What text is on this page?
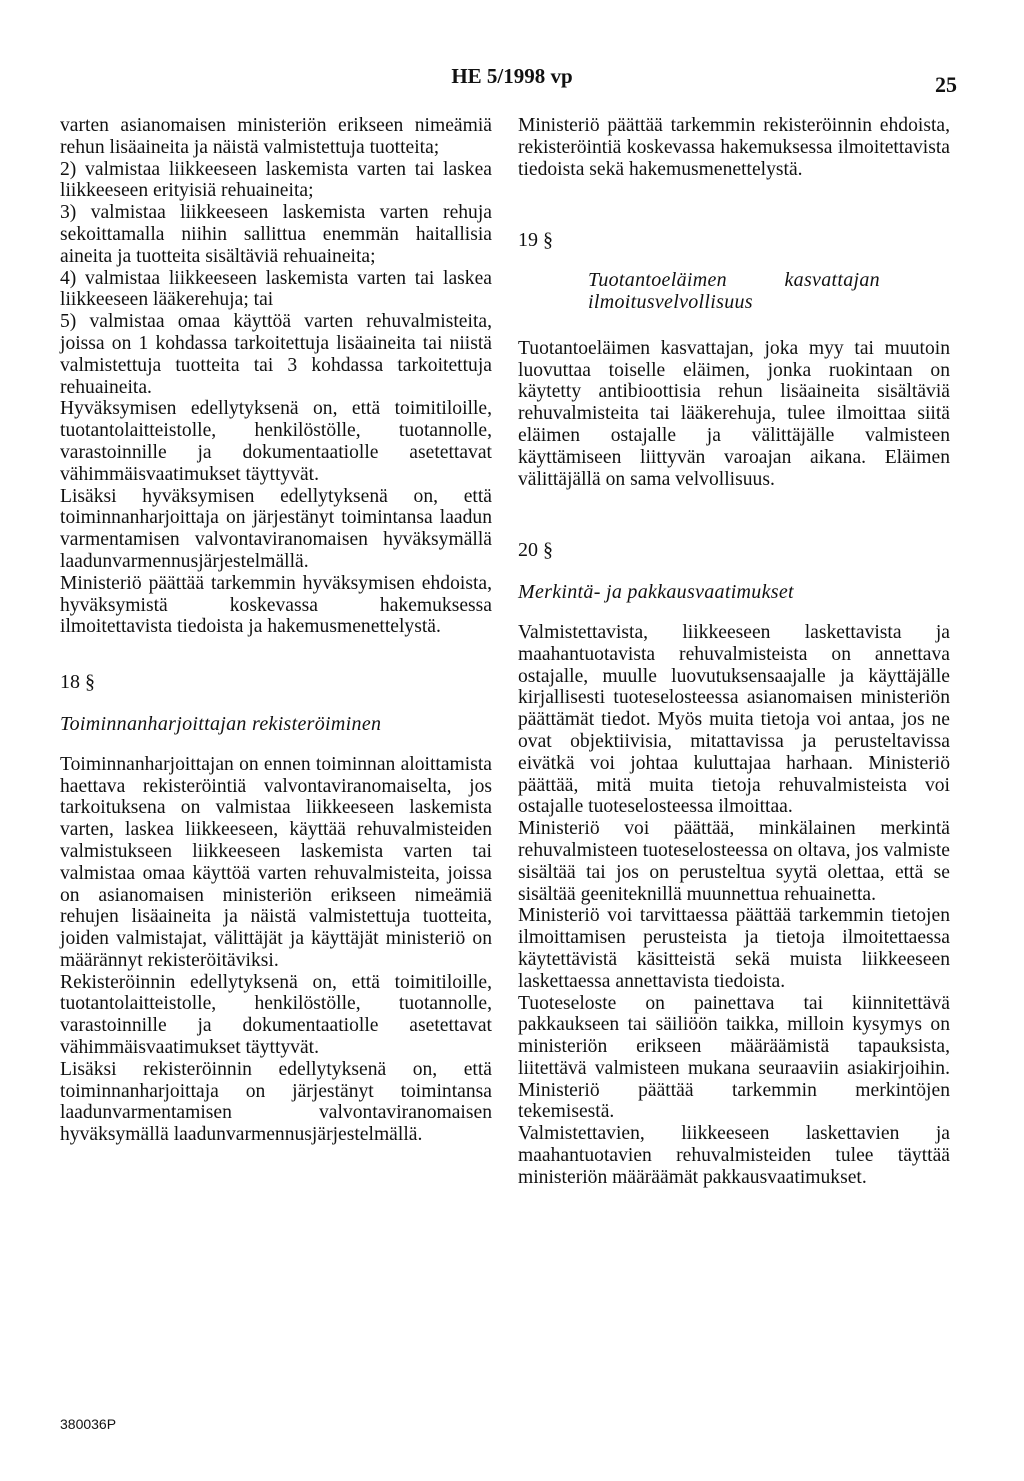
HE 5/1998 vp	25

varten asianomaisen ministeriön erikseen nimeämiä rehun lisäaineita ja näistä valmistettuja tuotteita;

2) valmistaa liikkeeseen laskemista varten tai laskea liikkeeseen erityisiä rehuaineita;

3) valmistaa liikkeeseen laskemista varten rehuja sekoittamalla niihin sallittua enemmän haitallisia aineita ja tuotteita sisältäviä rehuaineita;

4) valmistaa liikkeeseen laskemista varten tai laskea liikkeeseen lääkerehuja; tai

5) valmistaa omaa käyttöä varten rehuvalmisteita, joissa on 1 kohdassa tarkoitettuja lisäaineita tai niistä valmistettuja tuotteita tai 3 kohdassa tarkoitettuja rehuaineita.

Hyväksymisen edellytyksenä on, että toimitiloille, tuotantolaitteistolle, henkilöstölle, tuotannolle, varastoinnille ja dokumentaatiolle asetettavat vähimmäisvaatimukset täyttyvät.

Lisäksi hyväksymisen edellytyksenä on, että toiminnanharjoittaja on järjestänyt toimintansa laadun varmentamisen valvontaviranomaisen hyväksymällä laadunvarmennusjärjestelmällä.

Ministeriö päättää tarkemmin hyväksymisen ehdoista, hyväksymistä koskevassa hakemuksessa ilmoitettavista tiedoista ja hakemusmenettelystä.

18 §

Toiminnanharjoittajan rekisteröiminen

Toiminnanharjoittajan on ennen toiminnan aloittamista haettava rekisteröintiä valvontaviranomaiselta, jos tarkoituksena on valmistaa liikkeeseen laskemista varten, laskea liikkeeseen, käyttää rehuvalmisteiden valmistukseen liikkeeseen laskemista varten tai valmistaa omaa käyttöä varten rehuvalmisteita, joissa on asianomaisen ministeriön erikseen nimeämiä rehujen lisäaineita ja näistä valmistettuja tuotteita, joiden valmistajat, välittäjät ja käyttäjät ministeriö on määrännyt rekisteröitäviksi.

Rekisteröinnin edellytyksenä on, että toimitiloille, tuotantolaitteistolle, henkilöstölle, tuotannolle, varastoinnille ja dokumentaatiolle asetettavat vähimmäisvaatimukset täyttyvät.

Lisäksi rekisteröinnin edellytyksenä on, että toiminnanharjoittaja on järjestänyt toimintansa laadunvarmentamisen valvontaviranomaisen hyväksymällä laadunvarmennusjärjestelmällä.

Ministeriö päättää tarkemmin rekisteröinnin ehdoista, rekisteröintiä koskevassa hakemuksessa ilmoitettavista tiedoista sekä hakemusmenettelystä.

19 §

Tuotantoeläimen kasvattajan ilmoitusvelvollisuus

Tuotantoeläimen kasvattajan, joka myy tai muutoin luovuttaa toiselle eläimen, jonka ruokintaan on käytetty antibioottisia rehun lisäaineita sisältäviä rehuvalmisteita tai lääkerehuja, tulee ilmoittaa siitä eläimen ostajalle ja välittäjälle valmisteen käyttämiseen liittyvän varoajan aikana. Eläimen välittäjällä on sama velvollisuus.

20 §

Merkintä- ja pakkausvaatimukset

Valmistettavista, liikkeeseen laskettavista ja maahantuotavista rehuvalmisteista on annettava ostajalle, muulle luovutuksensaajalle ja käyttäjälle kirjallisesti tuoteselosteessa asianomaisen ministeriön päättämät tiedot. Myös muita tietoja voi antaa, jos ne ovat objektiivisia, mitattavissa ja perusteltavissa eivätkä voi johtaa kuluttajaa harhaan. Ministeriö päättää, mitä muita tietoja rehuvalmisteista voi ostajalle tuoteselosteessa ilmoittaa.

Ministeriö voi päättää, minkälainen merkintä rehuvalmisteen tuoteselosteessa on oltava, jos valmiste sisältää tai jos on perusteltua syytä olettaa, että se sisältää geeniteknillä muunnettua rehuainetta.

Ministeriö voi tarvittaessa päättää tarkemmin tietojen ilmoittamisen perusteista ja tietoja ilmoitettaessa käytettävistä käsitteistä sekä muista liikkeeseen laskettaessa annettavista tiedoista.

Tuoteseloste on painettava tai kiinnitettävä pakkaukseen tai säiliöön taikka, milloin kysymys on ministeriön erikseen määräämistä tapauksista, liitettävä valmisteen mukana seuraaviin asiakirjoihin. Ministeriö päättää tarkemmin merkintöjen tekemisestä.

Valmistettavien, liikkeeseen laskettavien ja maahantuotavien rehuvalmisteiden tulee täyttää ministeriön määräämät pakkausvaatimukset.

380036P
